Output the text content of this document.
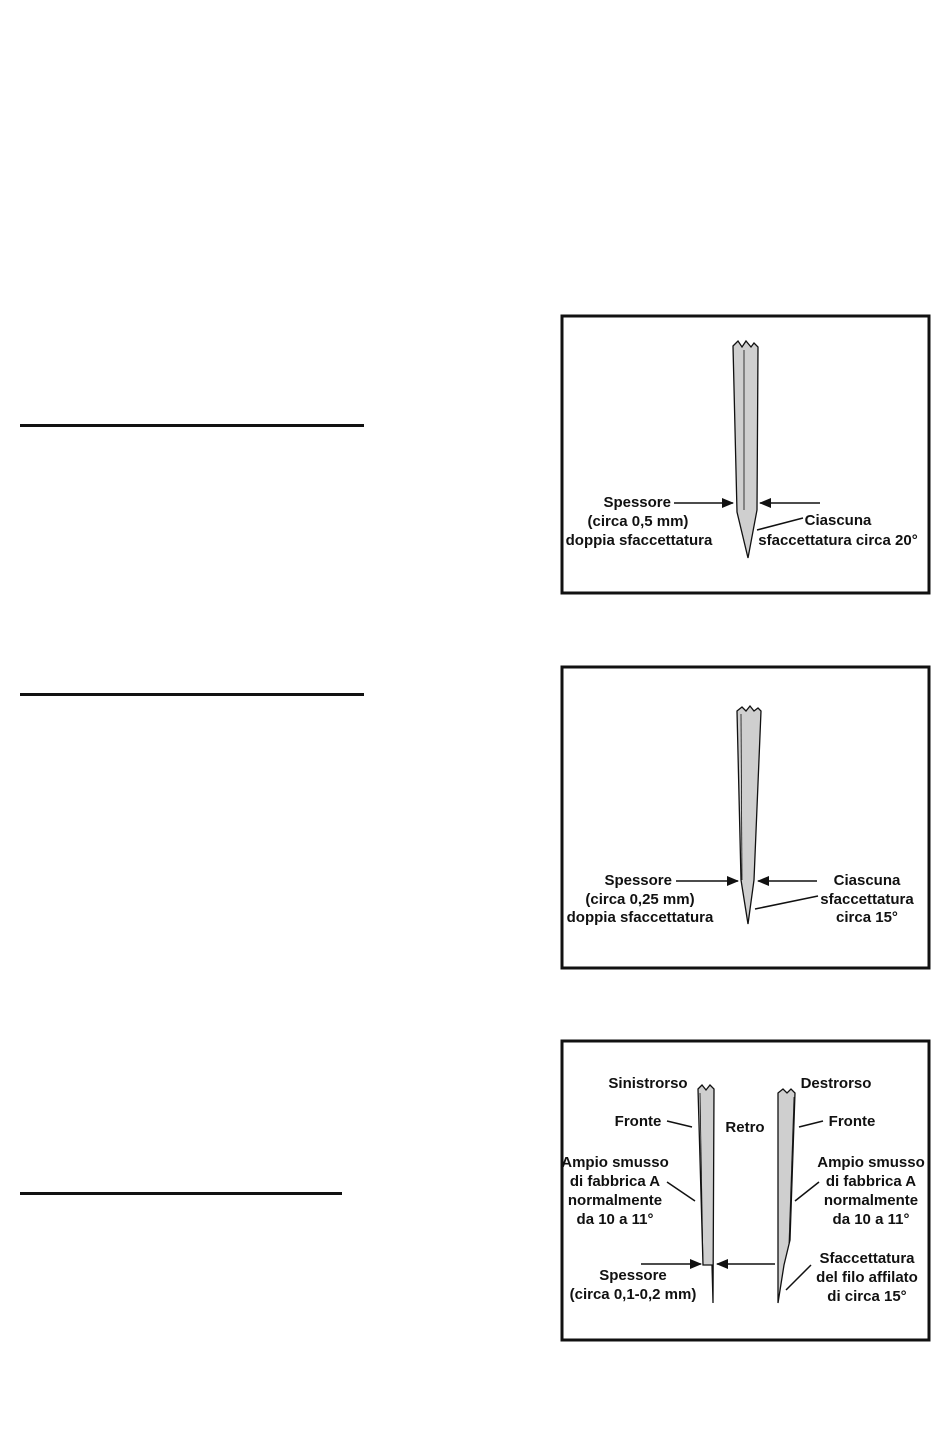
Spessore
(circa 0,5 mm)
doppia sfaccettatura
Ciascuna
sfaccettatura circa 20°
Spessore
(circa 0,25 mm)
doppia sfaccettatura
Ciascuna
sfaccettatura
circa 15°
Sinistrorso	Destrorso
Fronte	Fronte
Retro
Ampio smusso
di fabbrica A
normalmente
da 10 a 11°
Ampio smusso
di fabbrica A
normalmente
da 10 a 11°
Spessore
(circa 0,1-0,2 mm)
Sfaccettatura
del filo affilato
di circa 15°
